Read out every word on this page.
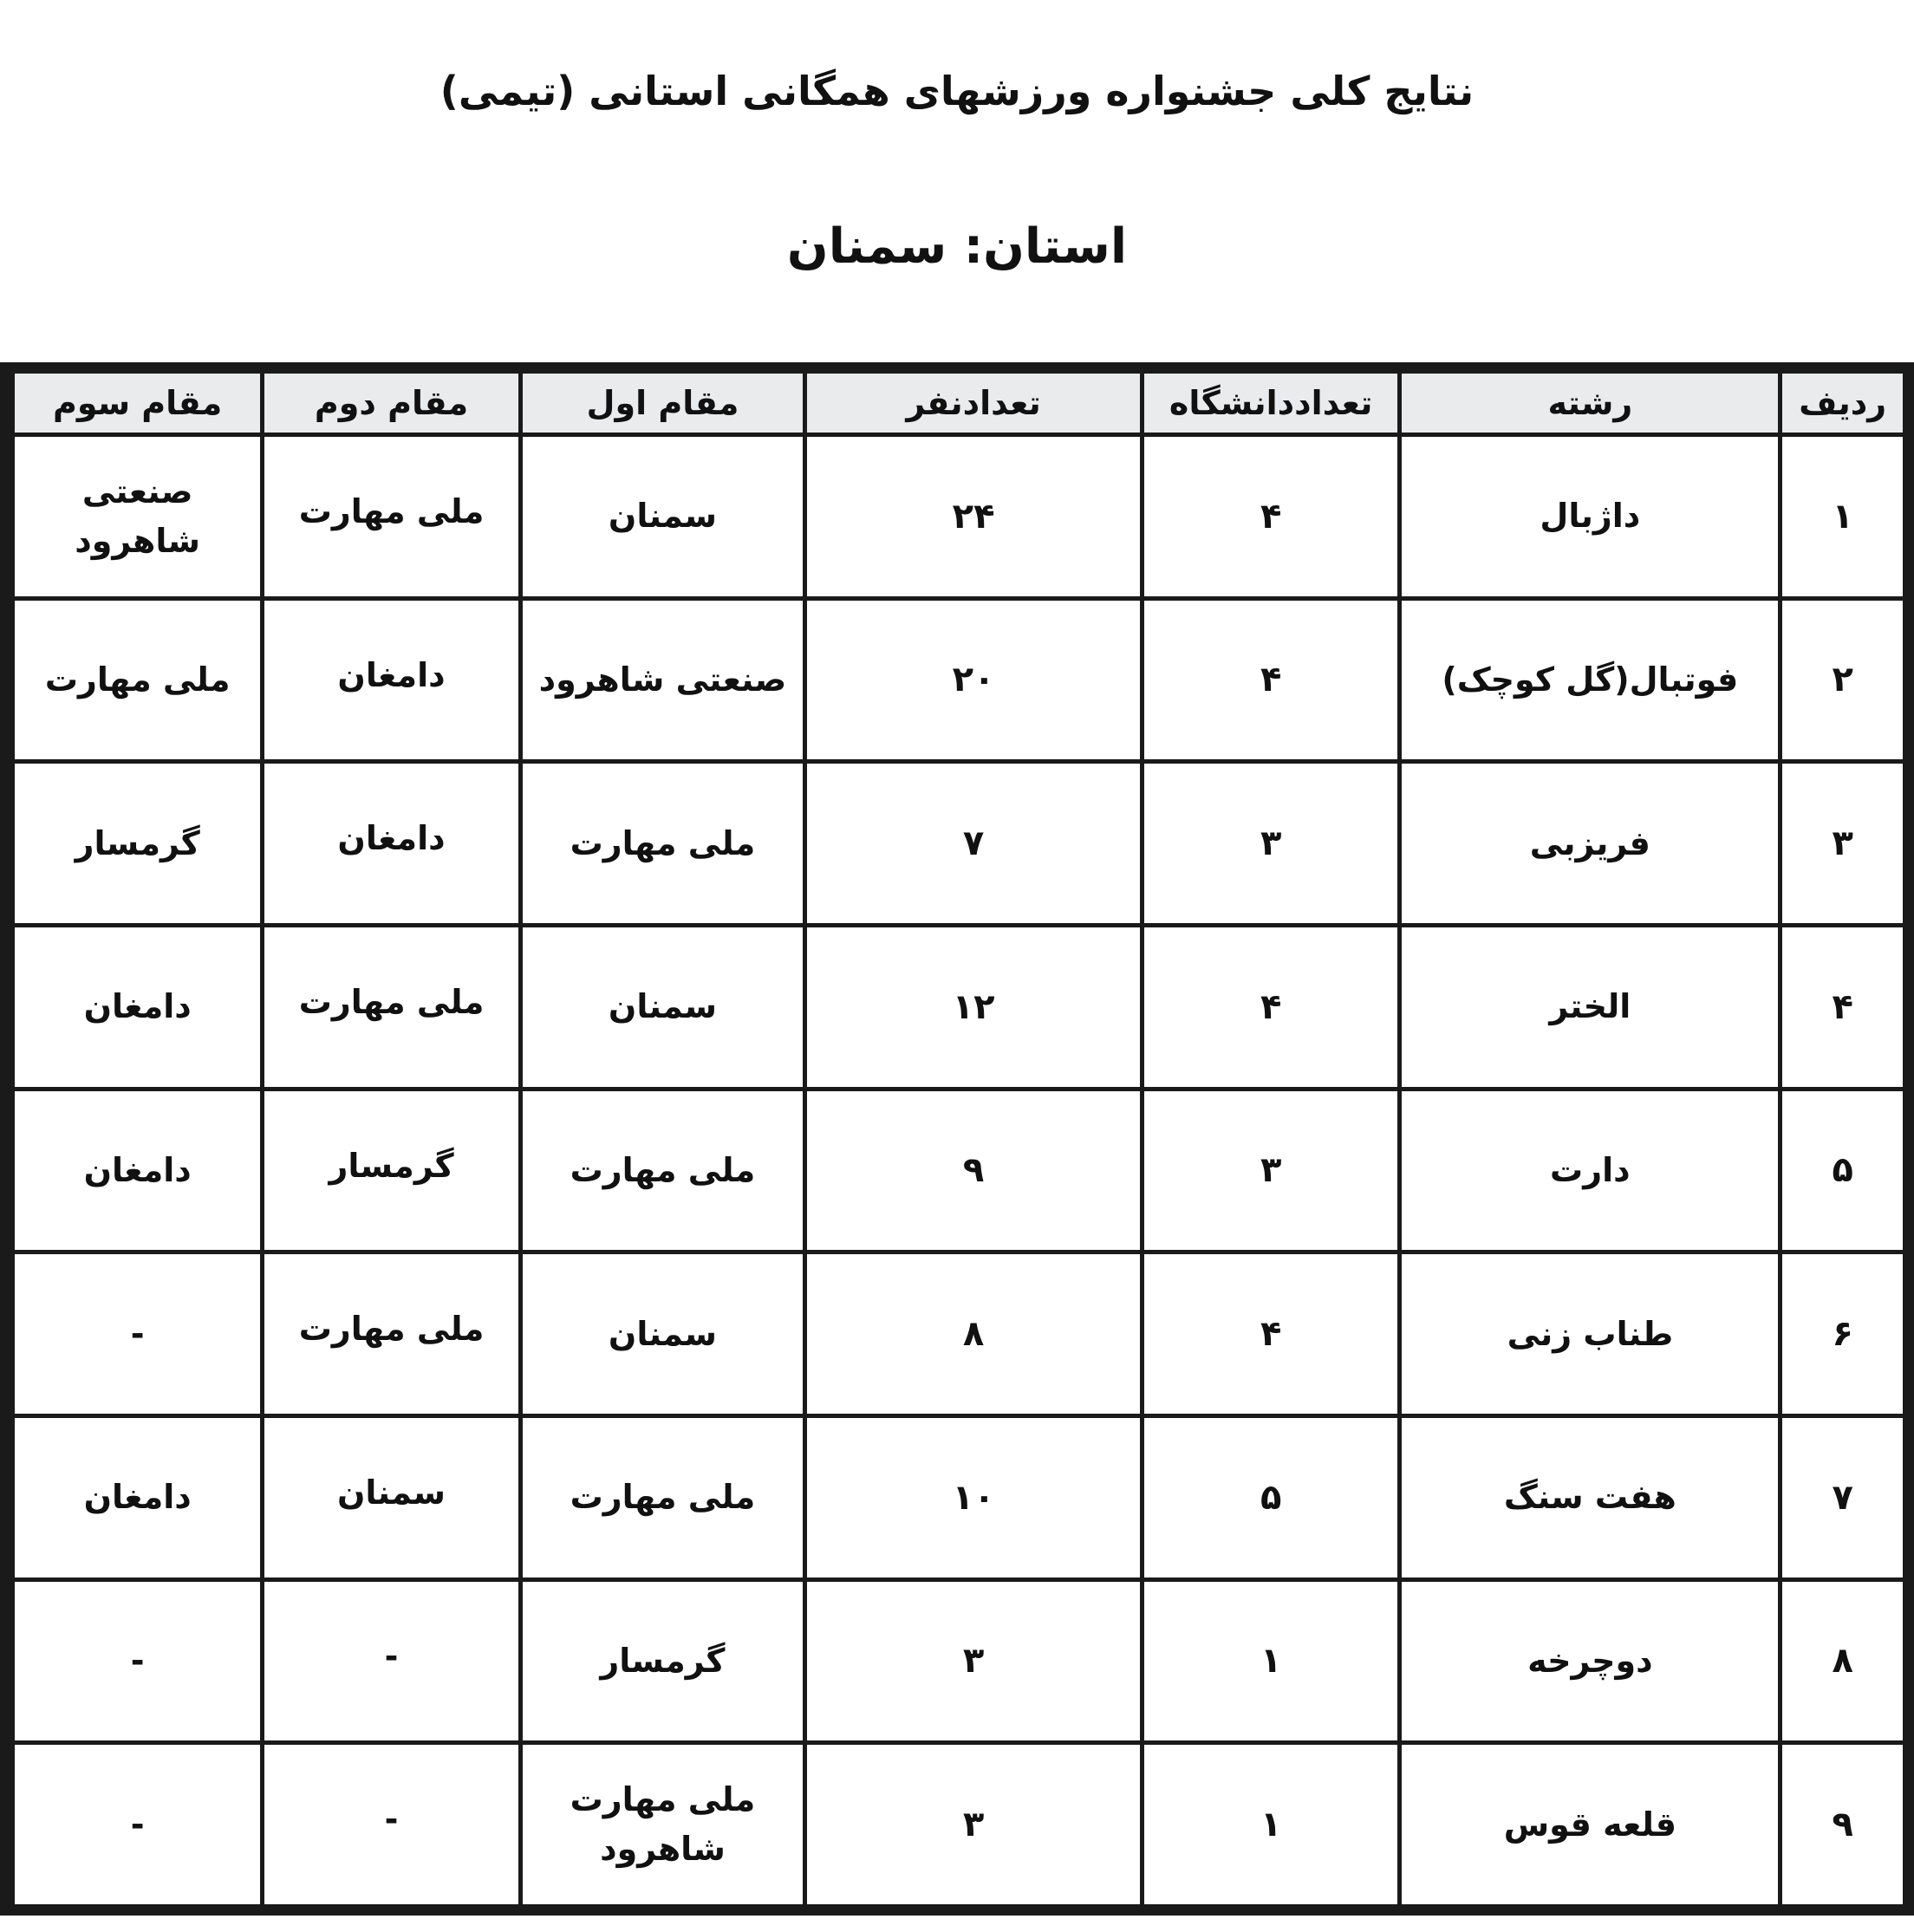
نتایج کلی جشنواره ورزشهای همگانی استانی (تیمی)
استان: سمنان
ردیف	رشته	تعداددانشگاه	تعدادنفر	مقام اول	مقام دوم	مقام سوم
۱	داژبال	۴	۲۴	سمنان	ملی مهارت	صنعتی شاهرود
۲	فوتبال(گل کوچک)	۴	۲۰	صنعتی شاهرود	دامغان	ملی مهارت
۳	فریزبی	۳	۷	ملی مهارت	دامغان	گرمسار
۴	الختر	۴	۱۲	سمنان	ملی مهارت	دامغان
۵	دارت	۳	۹	ملی مهارت	گرمسار	دامغان
۶	طناب زنی	۴	۸	سمنان	ملی مهارت	-
۷	هفت سنگ	۵	۱۰	ملی مهارت	سمنان	دامغان
۸	دوچرخه	۱	۳	گرمسار	-	-
۹	قلعه قوس	۱	۳	ملی مهارت شاهرود	-	-
